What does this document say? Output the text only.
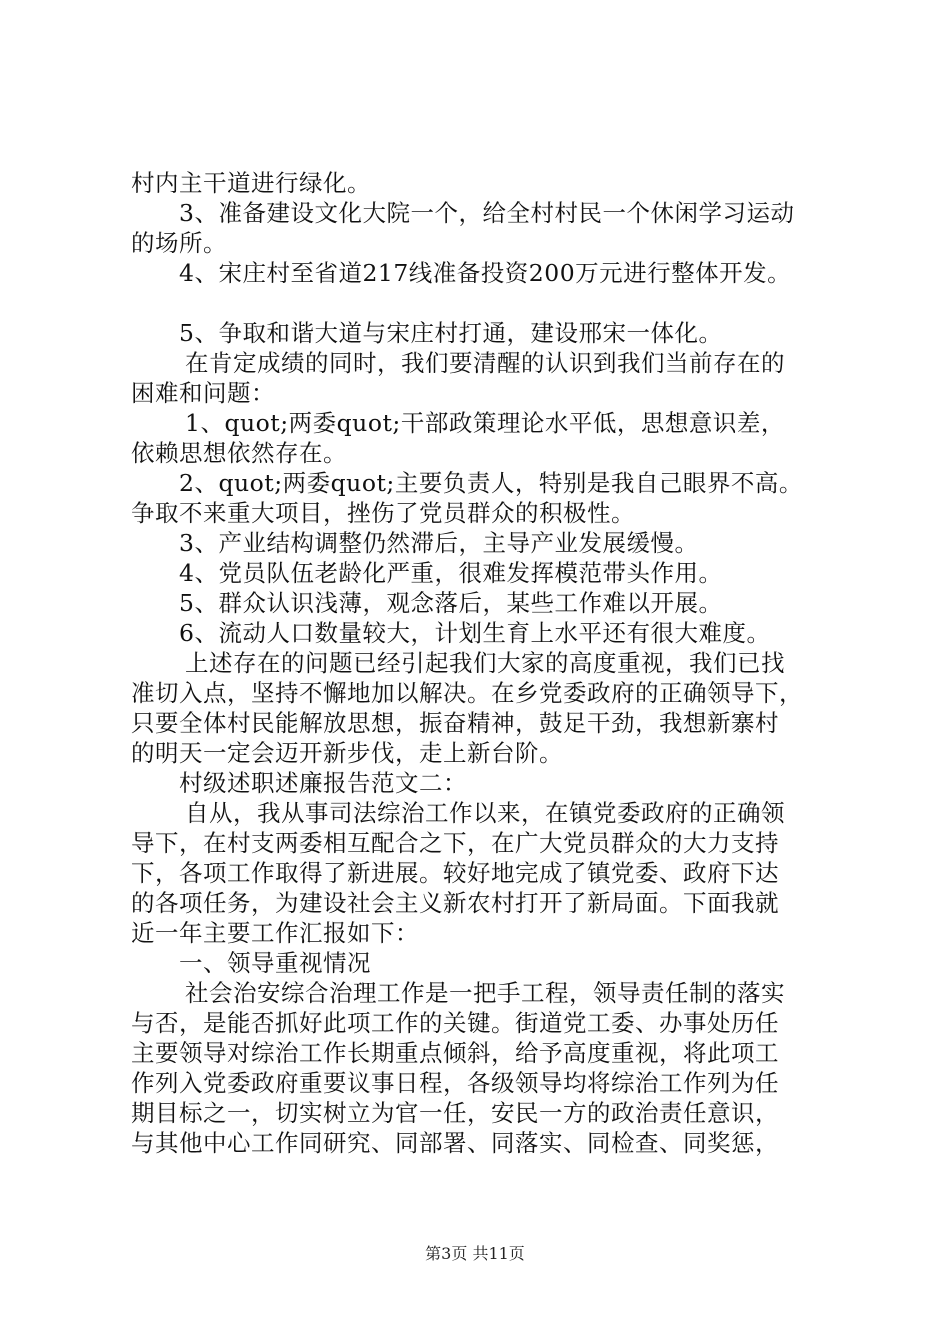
村内主干道进行绿化。
3、准备建设文化大院一个，给全村村民一个休闲学习运动
的场所。
4、宋庄村至省道217线准备投资200万元进行整体开发。
5、争取和谐大道与宋庄村打通，建设邢宋一体化。
在肯定成绩的同时，我们要清醒的认识到我们当前存在的
困难和问题：
1、quot;两委quot;干部政策理论水平低，思想意识差，
依赖思想依然存在。
2、quot;两委quot;主要负责人，特别是我自己眼界不高。
争取不来重大项目，挫伤了党员群众的积极性。
3、产业结构调整仍然滞后，主导产业发展缓慢。
4、党员队伍老龄化严重，很难发挥模范带头作用。
5、群众认识浅薄，观念落后，某些工作难以开展。
6、流动人口数量较大，计划生育上水平还有很大难度。
上述存在的问题已经引起我们大家的高度重视，我们已找
准切入点，坚持不懈地加以解决。在乡党委政府的正确领导下，
只要全体村民能解放思想，振奋精神，鼓足干劲，我想新寨村
的明天一定会迈开新步伐，走上新台阶。
村级述职述廉报告范文二：
自从，我从事司法综治工作以来，在镇党委政府的正确领
导下，在村支两委相互配合之下，在广大党员群众的大力支持
下，各项工作取得了新进展。较好地完成了镇党委、政府下达
的各项任务，为建设社会主义新农村打开了新局面。下面我就
近一年主要工作汇报如下：
一、领导重视情况
社会治安综合治理工作是一把手工程，领导责任制的落实
与否，是能否抓好此项工作的关键。街道党工委、办事处历任
主要领导对综治工作长期重点倾斜，给予高度重视，将此项工
作列入党委政府重要议事日程，各级领导均将综治工作列为任
期目标之一，切实树立为官一任，安民一方的政治责任意识，
与其他中心工作同研究、同部署、同落实、同检查、同奖惩，
第3页 共11页
